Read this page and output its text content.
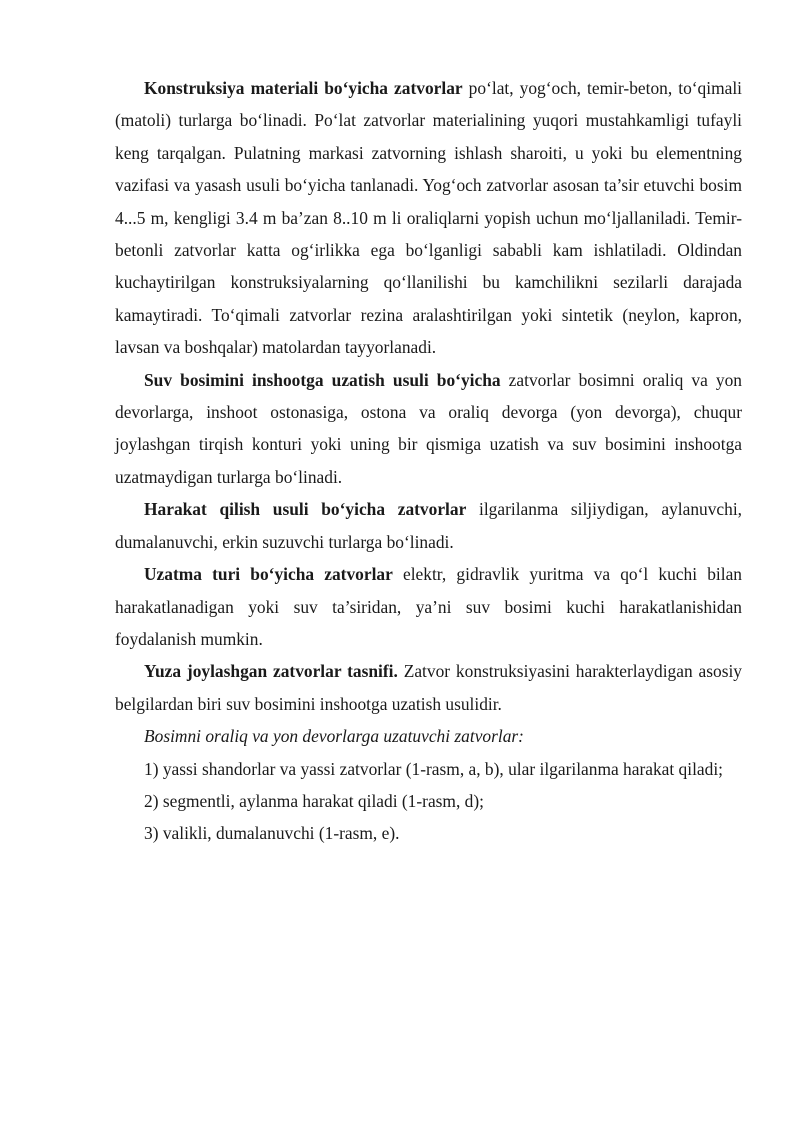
Konstruksiya materiali bo‘yicha zatvorlar po‘lat, yog‘och, temir-beton, to‘qimali (matoli) turlarga bo‘linadi. Po‘lat zatvorlar materialining yuqori mustahkamligi tufayli keng tarqalgan. Pulatning markasi zatvorning ishlash sharoiti, u yoki bu elementning vazifasi va yasash usuli bo‘yicha tanlanadi. Yog‘och zatvorlar asosan ta’sir etuvchi bosim 4...5 m, kengligi 3.4 m ba’zan 8..10 m li oraliqlarni yopish uchun mo‘ljallaniladi. Temir-betonli zatvorlar katta og‘irlikka ega bo‘lganligi sababli kam ishlatiladi. Oldindan kuchaytirilgan konstruksiyalarning qo‘llanilishi bu kamchilikni sezilarli darajada kamaytiradi. To‘qimali zatvorlar rezina aralashtirilgan yoki sintetik (neylon, kapron, lavsan va boshqalar) matolardan tayyorlanadi.

Suv bosimini inshootga uzatish usuli bo‘yicha zatvorlar bosimni oraliq va yon devorlarga, inshoot ostonasiga, ostona va oraliq devorga (yon devorga), chuqur joylashgan tirqish konturi yoki uning bir qismiga uzatish va suv bosimini inshootga uzatmaydigan turlarga bo‘linadi.

Harakat qilish usuli bo‘yicha zatvorlar ilgarilanma siljiydigan, aylanuvchi, dumalanuvchi, erkin suzuvchi turlarga bo‘linadi.

Uzatma turi bo‘yicha zatvorlar elektr, gidravlik yuritma va qo‘l kuchi bilan harakatlanadigan yoki suv ta’siridan, ya’ni suv bosimi kuchi harakatlanishidan foydalanish mumkin.

Yuza joylashgan zatvorlar tasnifi. Zatvor konstruksiyasini harakterlaydigan asosiy belgilardan biri suv bosimini inshootga uzatish usulidir.

Bosimni oraliq va yon devorlarga uzatuvchi zatvorlar:

1) yassi shandorlar va yassi zatvorlar (1-rasm, a, b), ular ilgarilanma harakat qiladi;

2) segmentli, aylanma harakat qiladi (1-rasm, d);

3) valikli, dumalanuvchi (1-rasm, e).
